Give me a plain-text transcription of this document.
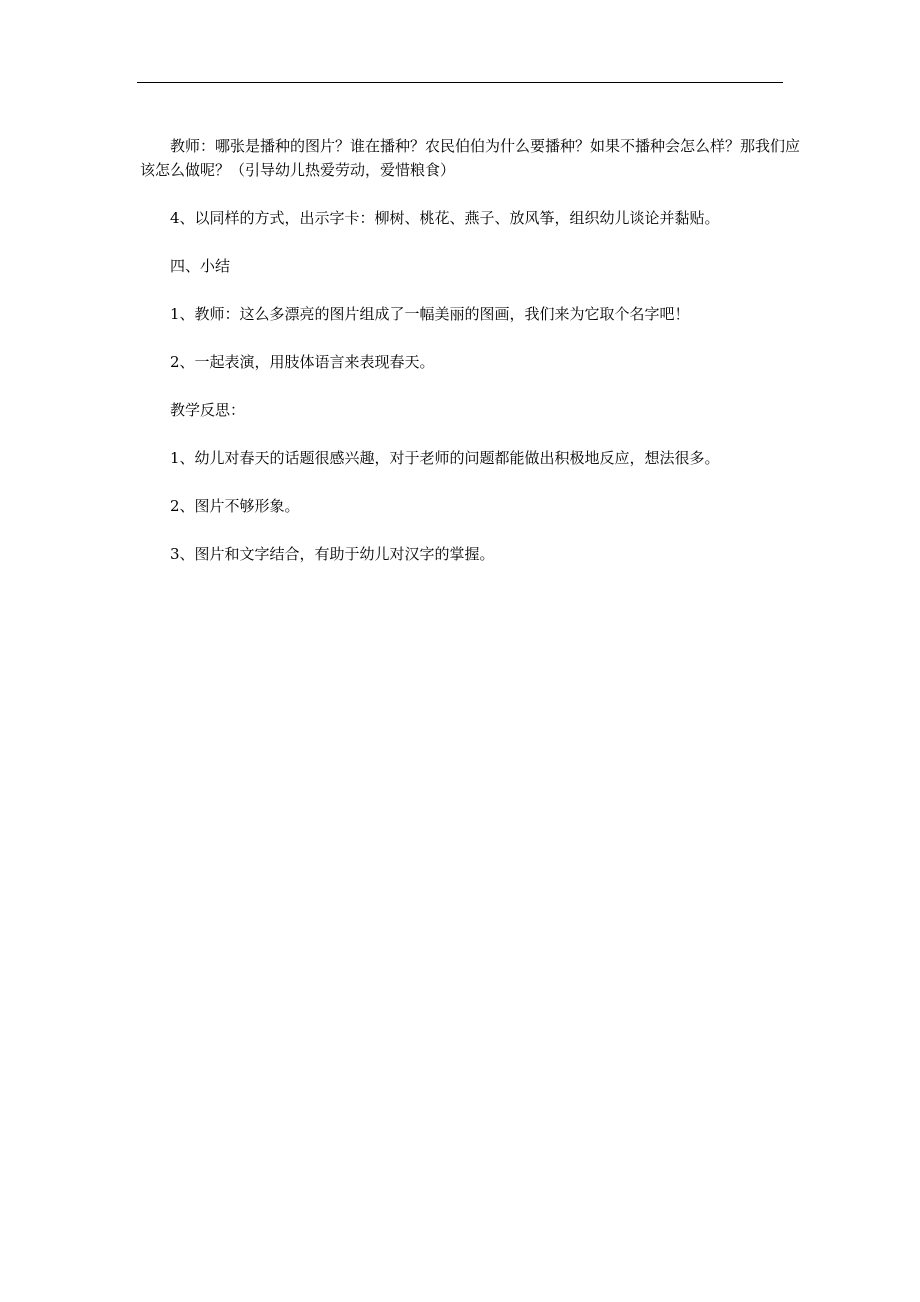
教师：哪张是播种的图片？谁在播种？农民伯伯为什么要播种？如果不播种会怎么样？那我们应该怎么做呢？（引导幼儿热爱劳动，爱惜粮食）

4、以同样的方式，出示字卡：柳树、桃花、燕子、放风筝，组织幼儿谈论并黏贴。

四、小结

1、教师：这么多漂亮的图片组成了一幅美丽的图画，我们来为它取个名字吧！

2、一起表演，用肢体语言来表现春天。

教学反思：

1、幼儿对春天的话题很感兴趣，对于老师的问题都能做出积极地反应，想法很多。

2、图片不够形象。

3、图片和文字结合，有助于幼儿对汉字的掌握。
